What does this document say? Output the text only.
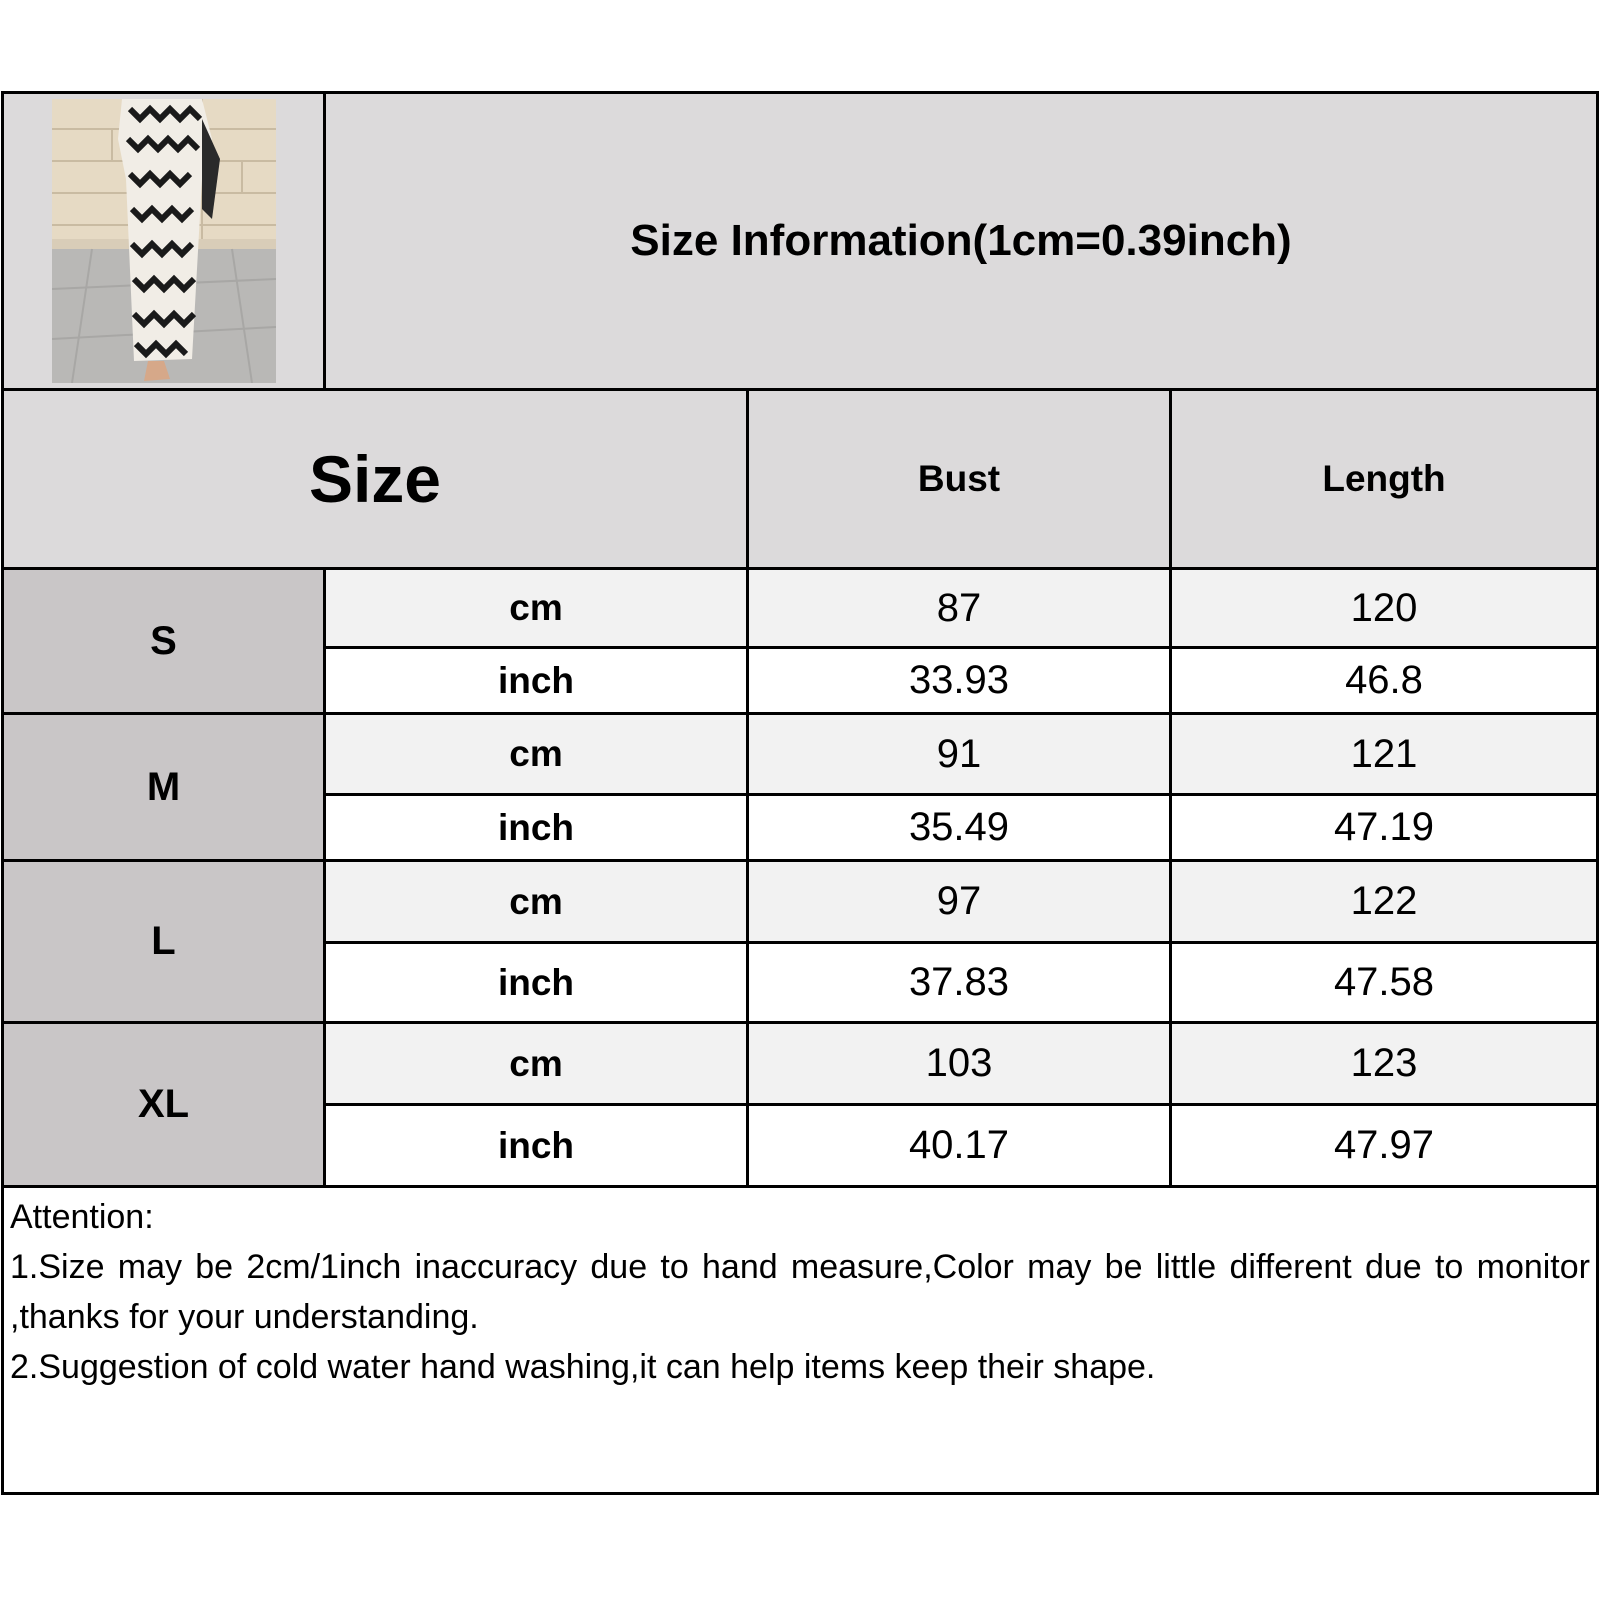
Size Information(1cm=0.39inch)
Size	Bust	Length
S
cm	87	120
inch	33.93	46.8
M
cm	91	121
inch	35.49	47.19
L
cm	97	122
inch	37.83	47.58
XL
cm	103	123
inch	40.17	47.97

Attention:

1.Size may be 2cm/1inch inaccuracy due to hand measure,Color may be little different due to monitor ,thanks for your understanding.

2.Suggestion of cold water hand washing,it can help items keep their shape.
